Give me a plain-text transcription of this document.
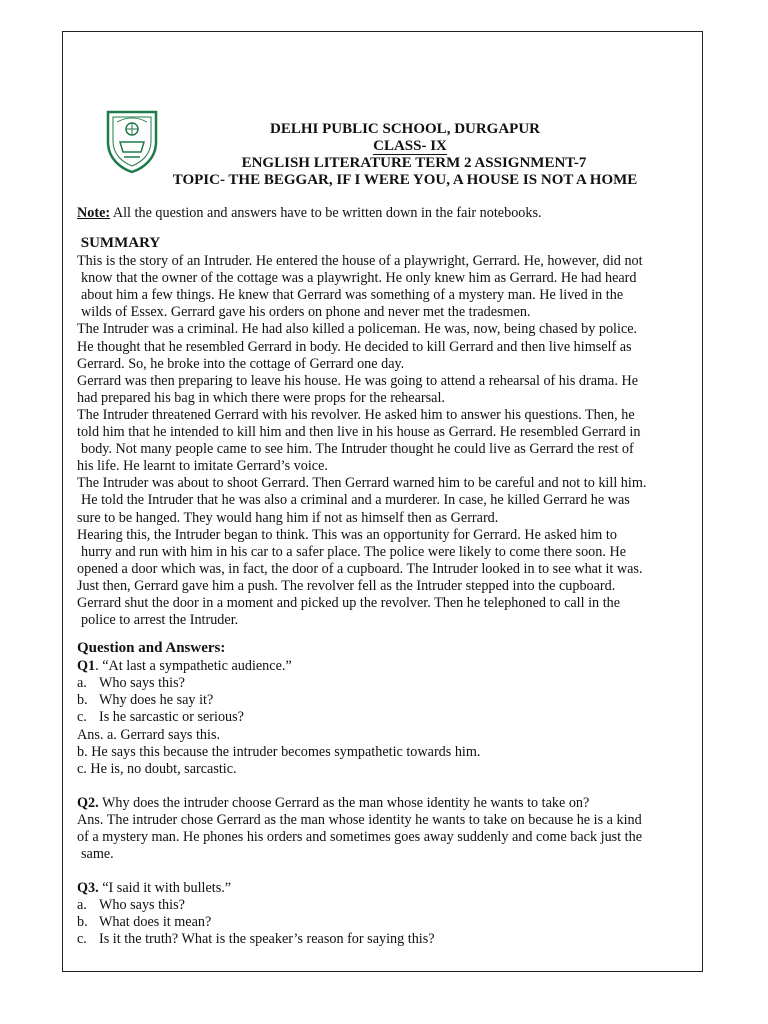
DELHI PUBLIC SCHOOL, DURGAPUR
CLASS- IX
ENGLISH LITERATURE TERM 2 ASSIGNMENT-7
TOPIC- THE BEGGAR, IF I WERE YOU, A HOUSE IS NOT A HOME

Note: All the question and answers have to be written down in the fair notebooks.

SUMMARY

This is the story of an Intruder. He entered the house of a playwright, Gerrard. He, however, did not

know that the owner of the cottage was a playwright. He only knew him as Gerrard. He had heard

about him a few things. He knew that Gerrard was something of a mystery man. He lived in the

wilds of Essex. Gerrard gave his orders on phone and never met the tradesmen.

The Intruder was a criminal. He had also killed a policeman. He was, now, being chased by police.

He thought that he resembled Gerrard in body. He decided to kill Gerrard and then live himself as

Gerrard. So, he broke into the cottage of Gerrard one day.

Gerrard was then preparing to leave his house. He was going to attend a rehearsal of his drama. He

had prepared his bag in which there were props for the rehearsal.

The Intruder threatened Gerrard with his revolver. He asked him to answer his questions. Then, he

told him that he intended to kill him and then live in his house as Gerrard. He resembled Gerrard in

body. Not many people came to see him. The Intruder thought he could live as Gerrard the rest of

his life. He learnt to imitate Gerrard’s voice.

The Intruder was about to shoot Gerrard. Then Gerrard warned him to be careful and not to kill him.

He told the Intruder that he was also a criminal and a murderer. In case, he killed Gerrard he was

sure to be hanged. They would hang him if not as himself then as Gerrard.

Hearing this, the Intruder began to think. This was an opportunity for Gerrard. He asked him to

hurry and run with him in his car to a safer place. The police were likely to come there soon. He

opened a door which was, in fact, the door of a cupboard. The Intruder looked in to see what it was.

Just then, Gerrard gave him a push. The revolver fell as the Intruder stepped into the cupboard.

Gerrard shut the door in a moment and picked up the revolver. Then he telephoned to call in the

police to arrest the Intruder.

Question and Answers:

Q1. “At last a sympathetic audience.”

a. Who says this?

b. Why does he say it?

c. Is he sarcastic or serious?

Ans. a. Gerrard says this.

b. He says this because the intruder becomes sympathetic towards him.

c. He is, no doubt, sarcastic.

Q2. Why does the intruder choose Gerrard as the man whose identity he wants to take on?

Ans. The intruder chose Gerrard as the man whose identity he wants to take on because he is a kind

of a mystery man. He phones his orders and sometimes goes away suddenly and come back just the

same.

Q3. “I said it with bullets.”

a. Who says this?

b. What does it mean?

c. Is it the truth? What is the speaker’s reason for saying this?
